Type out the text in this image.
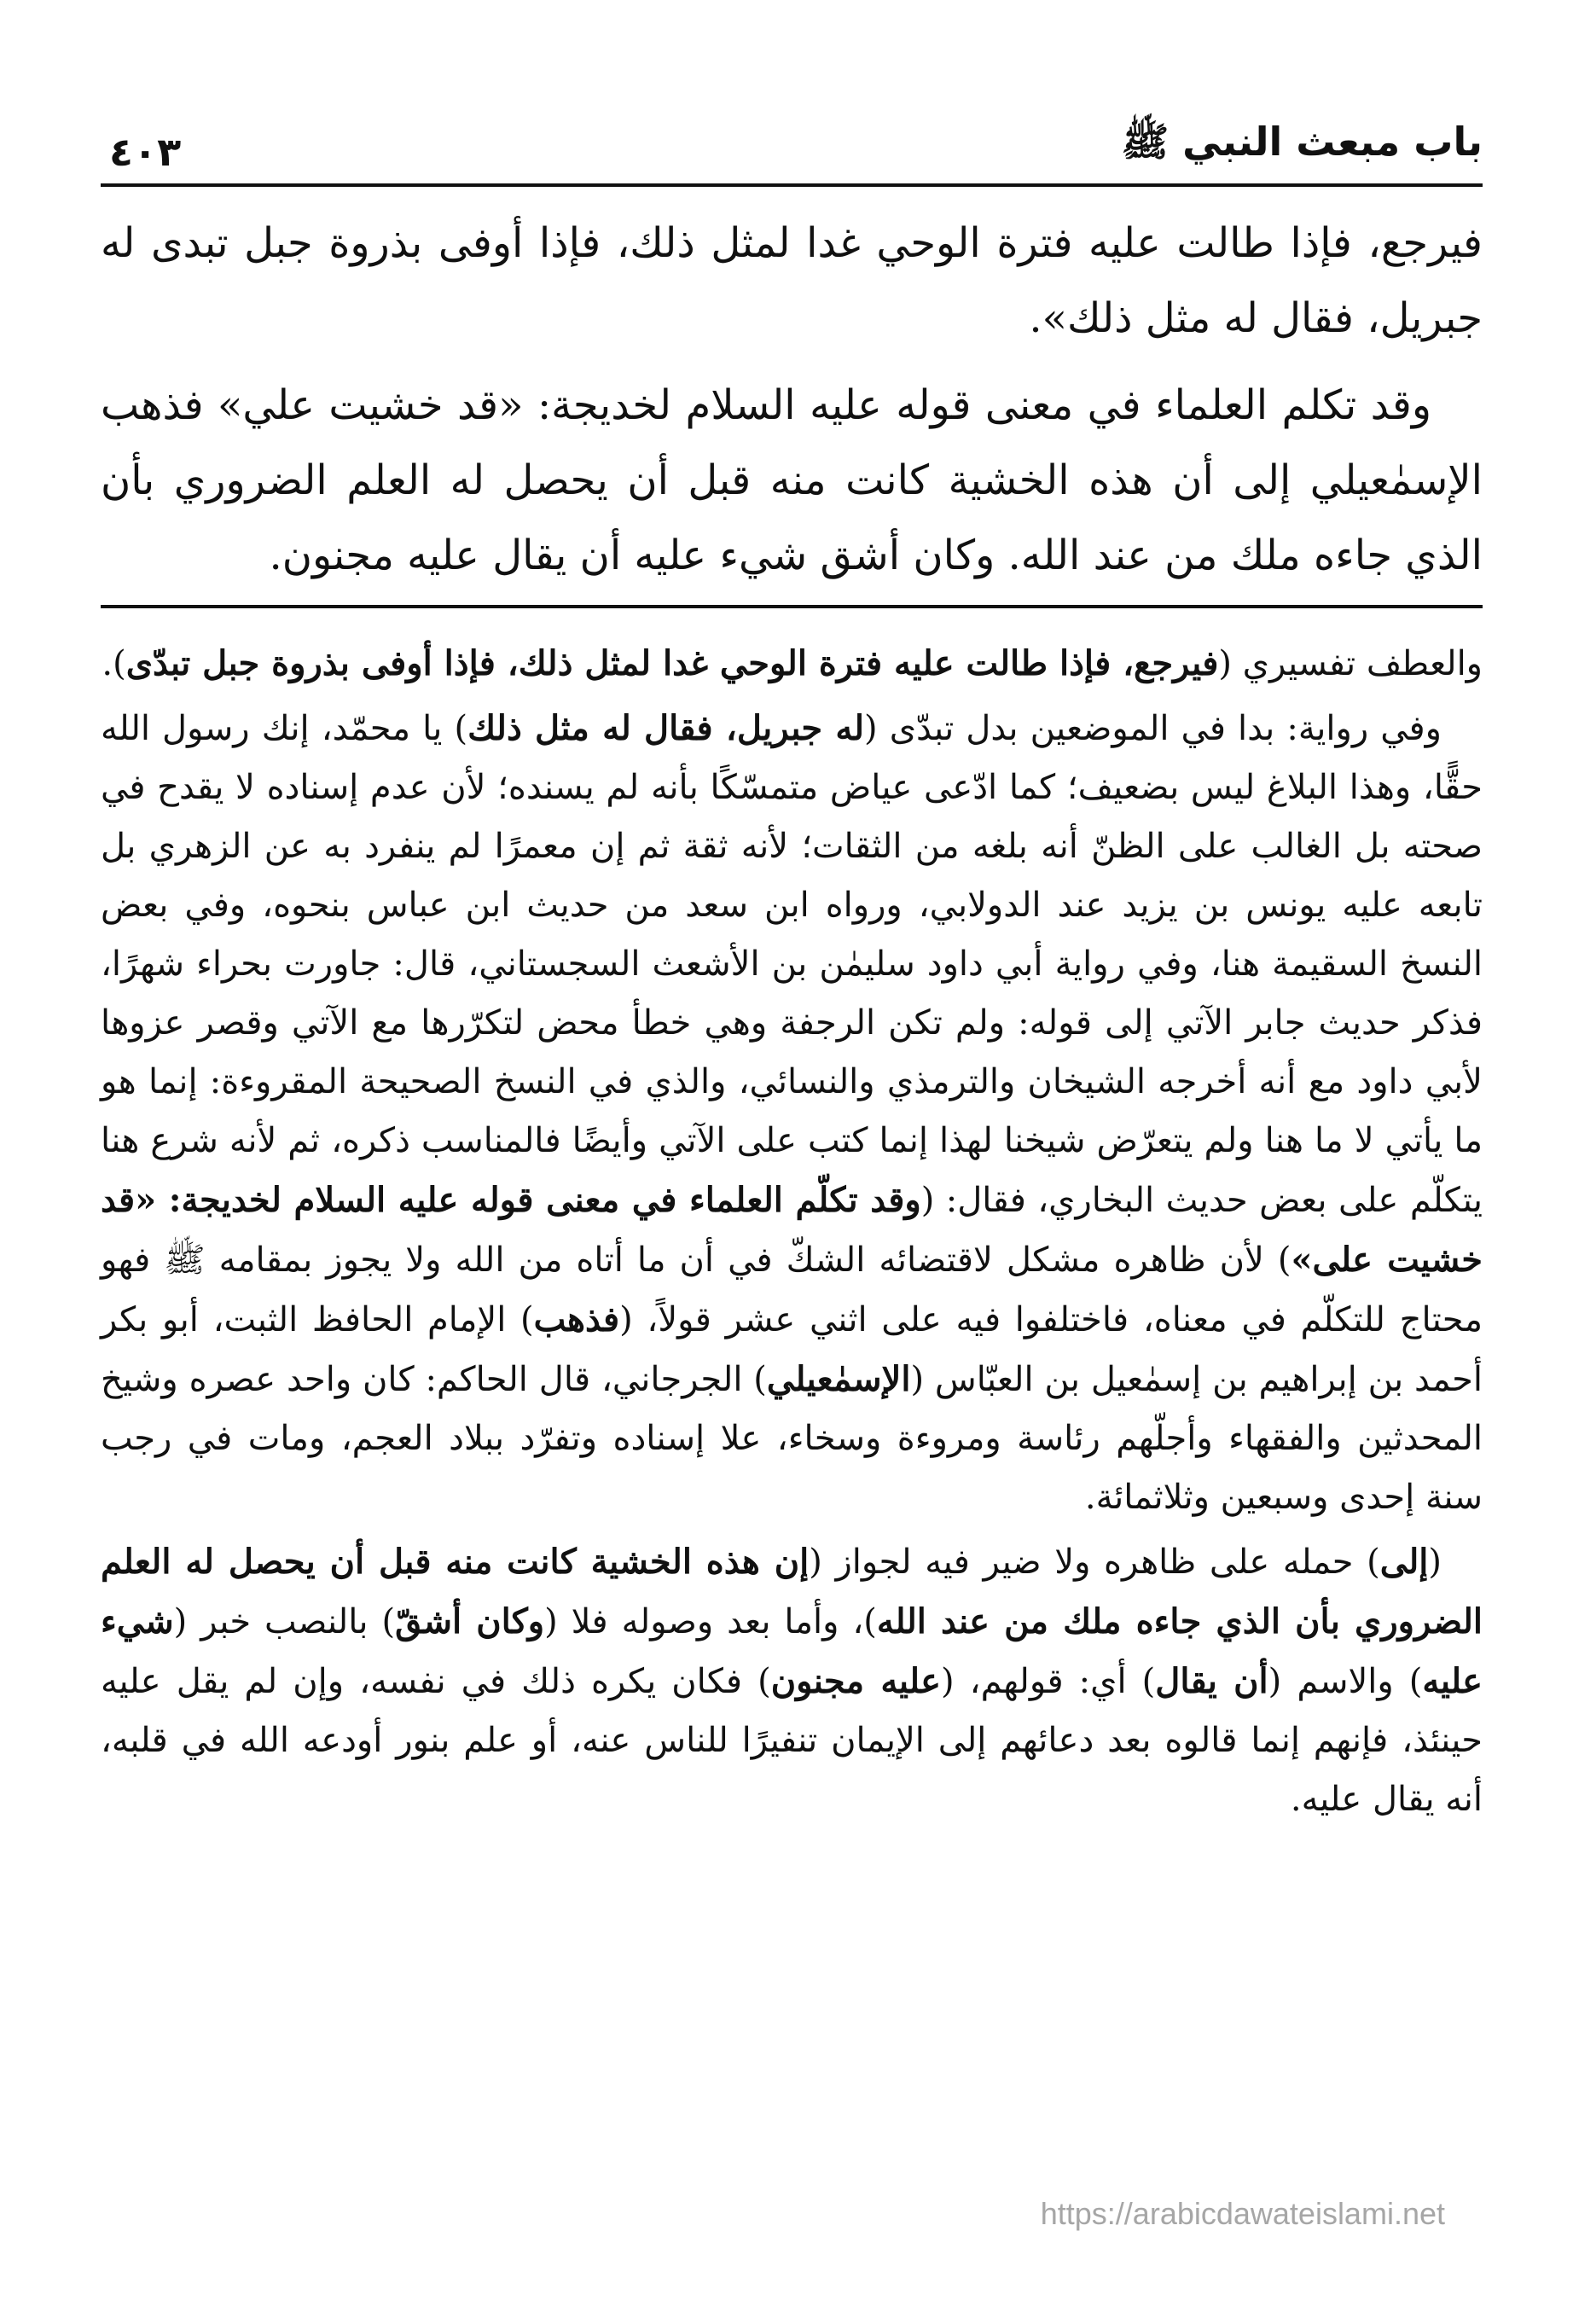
باب مبعث النبي ﷺ
٤٠٣

فيرجع، فإذا طالت عليه فترة الوحي غدا لمثل ذلك، فإذا أوفى بذروة جبل تبدى له جبريل، فقال له مثل ذلك».

وقد تكلم العلماء في معنى قوله عليه السلام لخديجة: «قد خشيت علي» فذهب الإسمٰعيلي إلى أن هذه الخشية كانت منه قبل أن يحصل له العلم الضروري بأن الذي جاءه ملك من عند الله. وكان أشق شيء عليه أن يقال عليه مجنون.

والعطف تفسيري (فيرجع، فإذا طالت عليه فترة الوحي غدا لمثل ذلك، فإذا أوفى بذروة جبل تبدّى).

وفي رواية: بدا في الموضعين بدل تبدّى (له جبريل، فقال له مثل ذلك) يا محمّد، إنك رسول الله حقًّا، وهذا البلاغ ليس بضعيف؛ كما ادّعى عياض متمسّكًا بأنه لم يسنده؛ لأن عدم إسناده لا يقدح في صحته بل الغالب على الظنّ أنه بلغه من الثقات؛ لأنه ثقة ثم إن معمرًا لم ينفرد به عن الزهري بل تابعه عليه يونس بن يزيد عند الدولابي، ورواه ابن سعد من حديث ابن عباس بنحوه، وفي بعض النسخ السقيمة هنا، وفي رواية أبي داود سليمٰن بن الأشعث السجستاني، قال: جاورت بحراء شهرًا، فذكر حديث جابر الآتي إلى قوله: ولم تكن الرجفة وهي خطأ محض لتكرّرها مع الآتي وقصر عزوها لأبي داود مع أنه أخرجه الشيخان والترمذي والنسائي، والذي في النسخ الصحيحة المقروءة: إنما هو ما يأتي لا ما هنا ولم يتعرّض شيخنا لهذا إنما كتب على الآتي وأيضًا فالمناسب ذكره، ثم لأنه شرع هنا يتكلّم على بعض حديث البخاري، فقال: (وقد تكلّم العلماء في معنى قوله عليه السلام لخديجة: «قد خشيت على») لأن ظاهره مشكل لاقتضائه الشكّ في أن ما أتاه من الله ولا يجوز بمقامه ﷺ فهو محتاج للتكلّم في معناه، فاختلفوا فيه على اثني عشر قولاً، (فذهب) الإمام الحافظ الثبت، أبو بكر أحمد بن إبراهيم بن إسمٰعيل بن العبّاس (الإسمٰعيلي) الجرجاني، قال الحاكم: كان واحد عصره وشيخ المحدثين والفقهاء وأجلّهم رئاسة ومروءة وسخاء، علا إسناده وتفرّد ببلاد العجم، ومات في رجب سنة إحدى وسبعين وثلاثمائة.

(إلى) حمله على ظاهره ولا ضير فيه لجواز (إن هذه الخشية كانت منه قبل أن يحصل له العلم الضروري بأن الذي جاءه ملك من عند الله)، وأما بعد وصوله فلا (وكان أشقّ) بالنصب خبر (شيء عليه) والاسم (أن يقال) أي: قولهم، (عليه مجنون) فكان يكره ذلك في نفسه، وإن لم يقل عليه حينئذ، فإنهم إنما قالوه بعد دعائهم إلى الإيمان تنفيرًا للناس عنه، أو علم بنور أودعه الله في قلبه، أنه يقال عليه.

https://arabicdawateislami.net
